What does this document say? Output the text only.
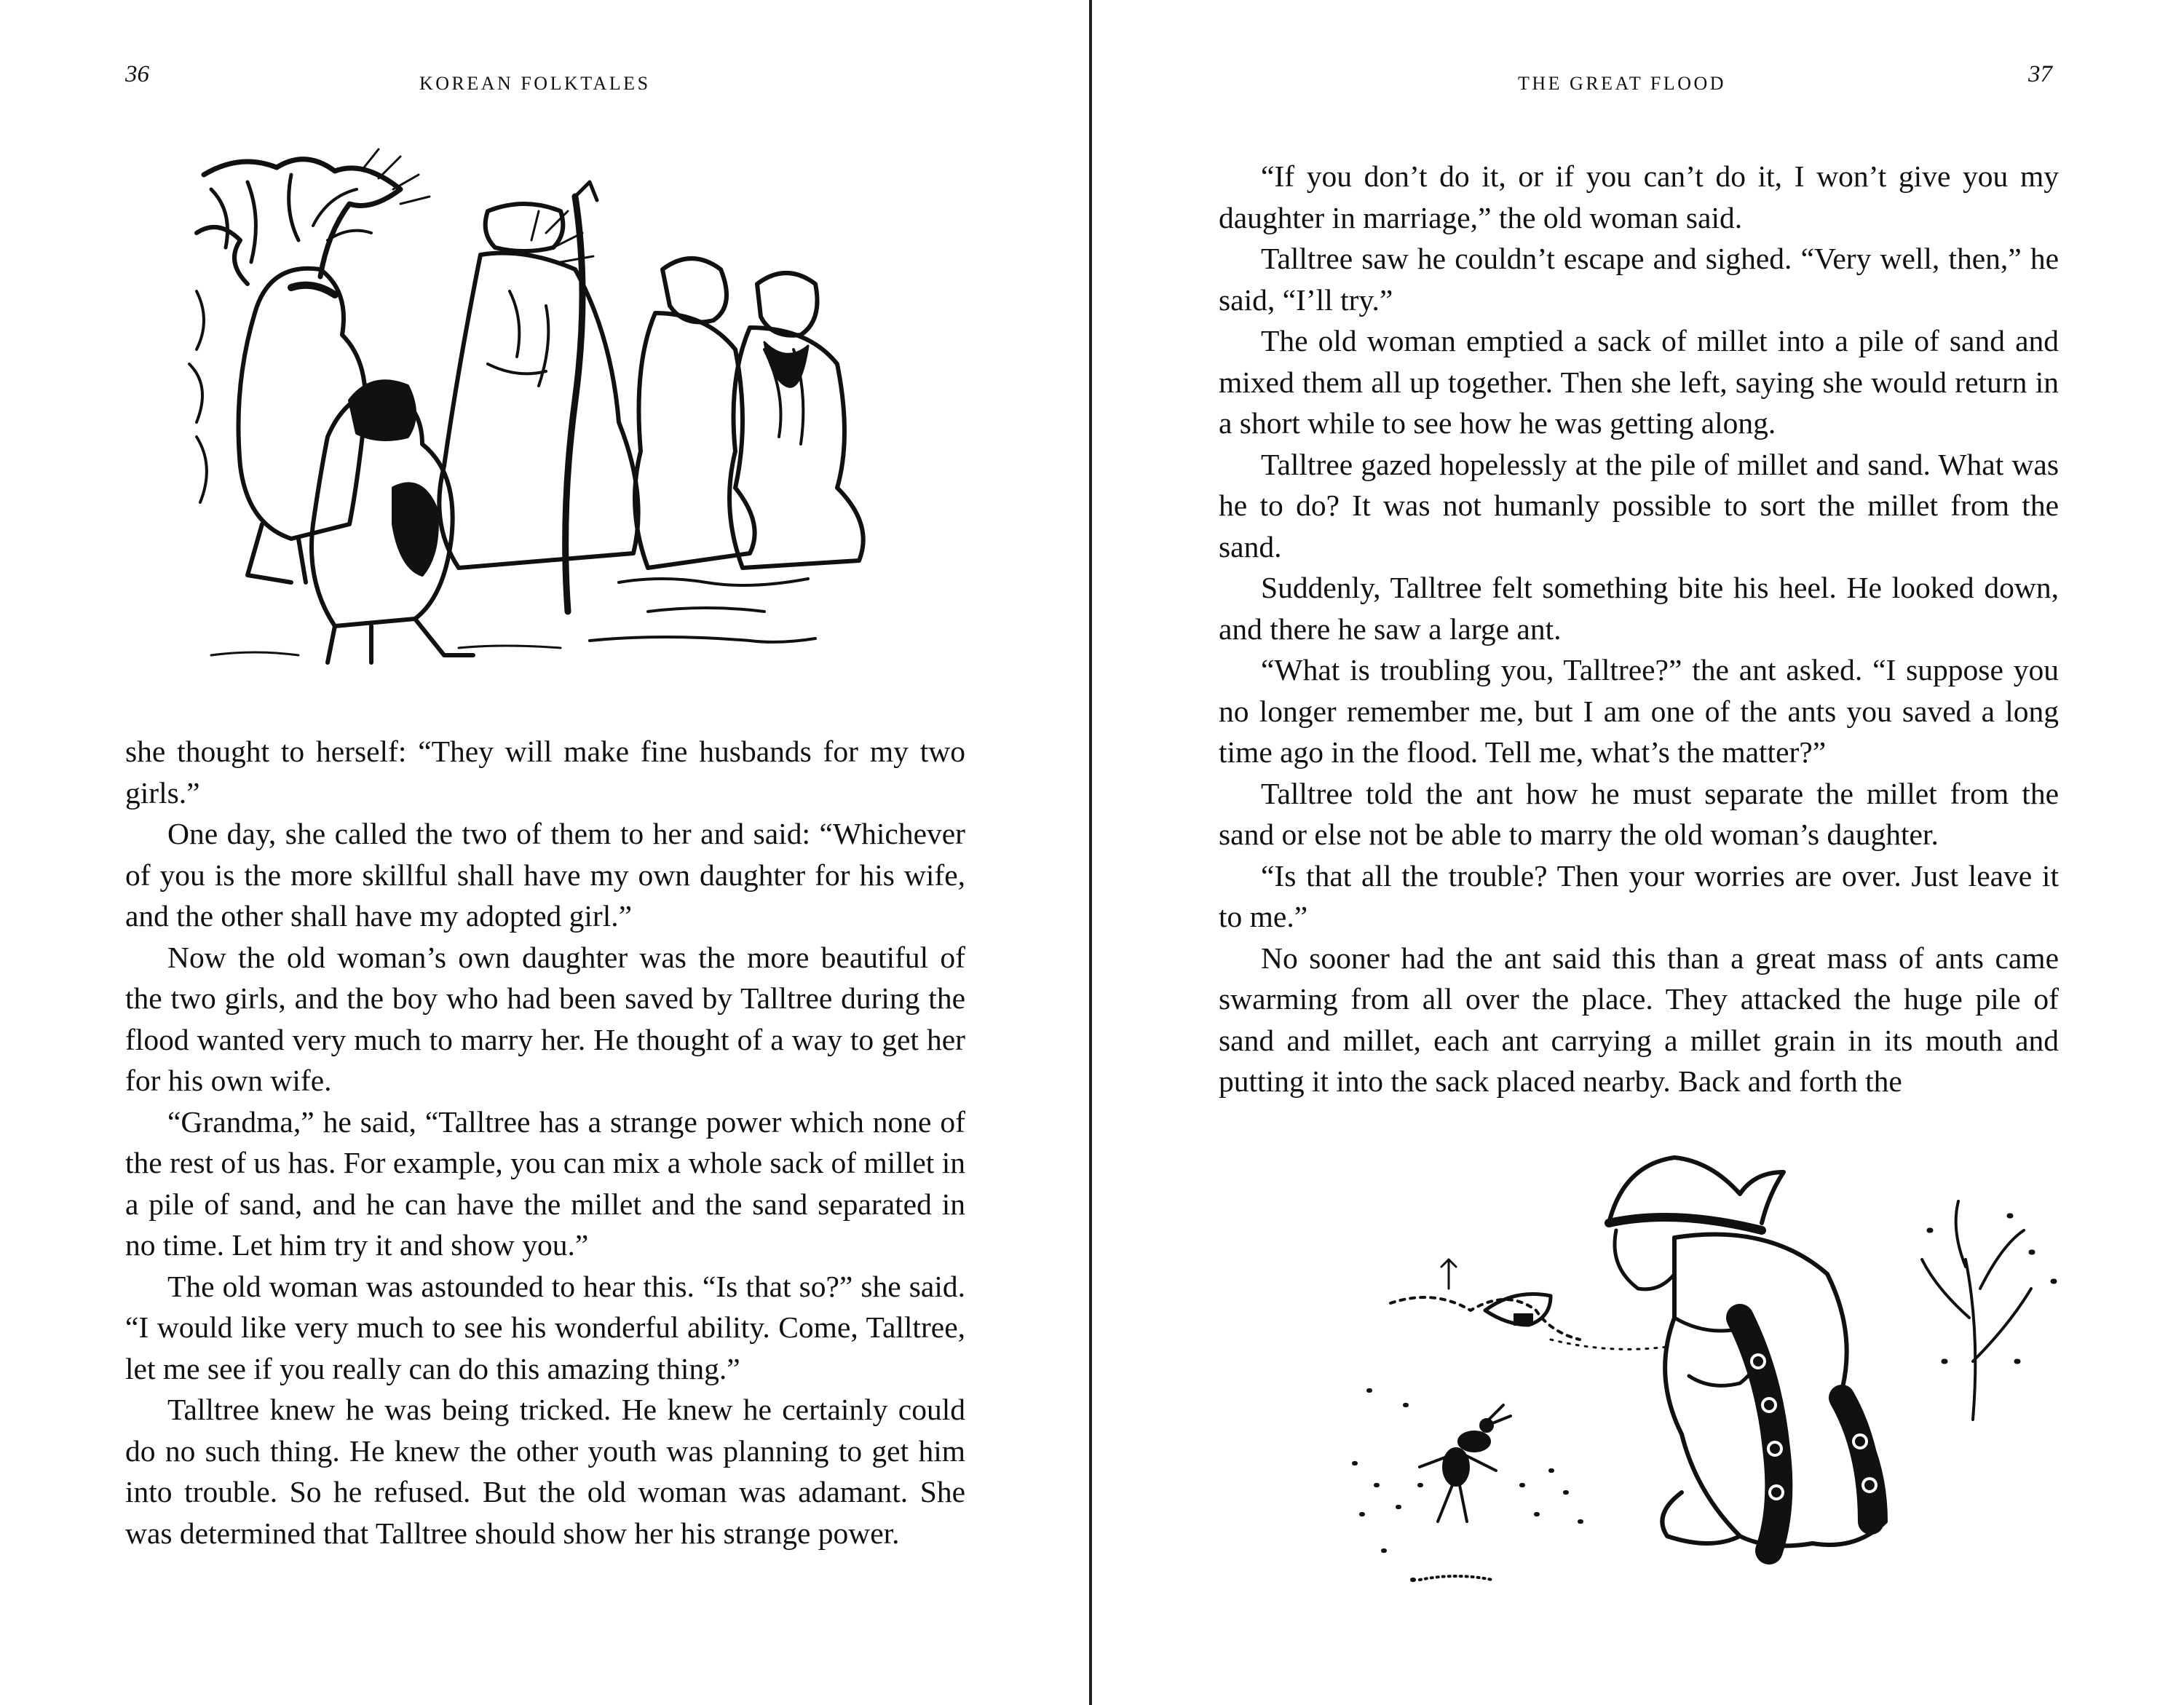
36	KOREAN FOLKTALES

she thought to herself: “They will make fine husbands for my two girls.”

One day, she called the two of them to her and said: “Whichever of you is the more skillful shall have my own daughter for his wife, and the other shall have my adopted girl.”

Now the old woman’s own daughter was the more beautiful of the two girls, and the boy who had been saved by Talltree during the flood wanted very much to marry her. He thought of a way to get her for his own wife.

“Grandma,” he said, “Talltree has a strange power which none of the rest of us has. For example, you can mix a whole sack of millet in a pile of sand, and he can have the millet and the sand separated in no time. Let him try it and show you.”

The old woman was astounded to hear this. “Is that so?” she said. “I would like very much to see his wonderful ability. Come, Talltree, let me see if you really can do this amazing thing.”

Talltree knew he was being tricked. He knew he certainly could do no such thing. He knew the other youth was planning to get him into trouble. So he refused. But the old woman was adamant. She was determined that Talltree should show her his strange power.

THE GREAT FLOOD	37

“If you don’t do it, or if you can’t do it, I won’t give you my daughter in marriage,” the old woman said.

Talltree saw he couldn’t escape and sighed. “Very well, then,” he said, “I’ll try.”

The old woman emptied a sack of millet into a pile of sand and mixed them all up together. Then she left, saying she would return in a short while to see how he was getting along.

Talltree gazed hopelessly at the pile of millet and sand. What was he to do? It was not humanly possible to sort the millet from the sand.

Suddenly, Talltree felt something bite his heel. He looked down, and there he saw a large ant.

“What is troubling you, Talltree?” the ant asked. “I suppose you no longer remember me, but I am one of the ants you saved a long time ago in the flood. Tell me, what’s the matter?”

Talltree told the ant how he must separate the millet from the sand or else not be able to marry the old woman’s daughter.

“Is that all the trouble? Then your worries are over. Just leave it to me.”

No sooner had the ant said this than a great mass of ants came swarming from all over the place. They attacked the huge pile of sand and millet, each ant carrying a millet grain in its mouth and putting it into the sack placed nearby. Back and forth the
